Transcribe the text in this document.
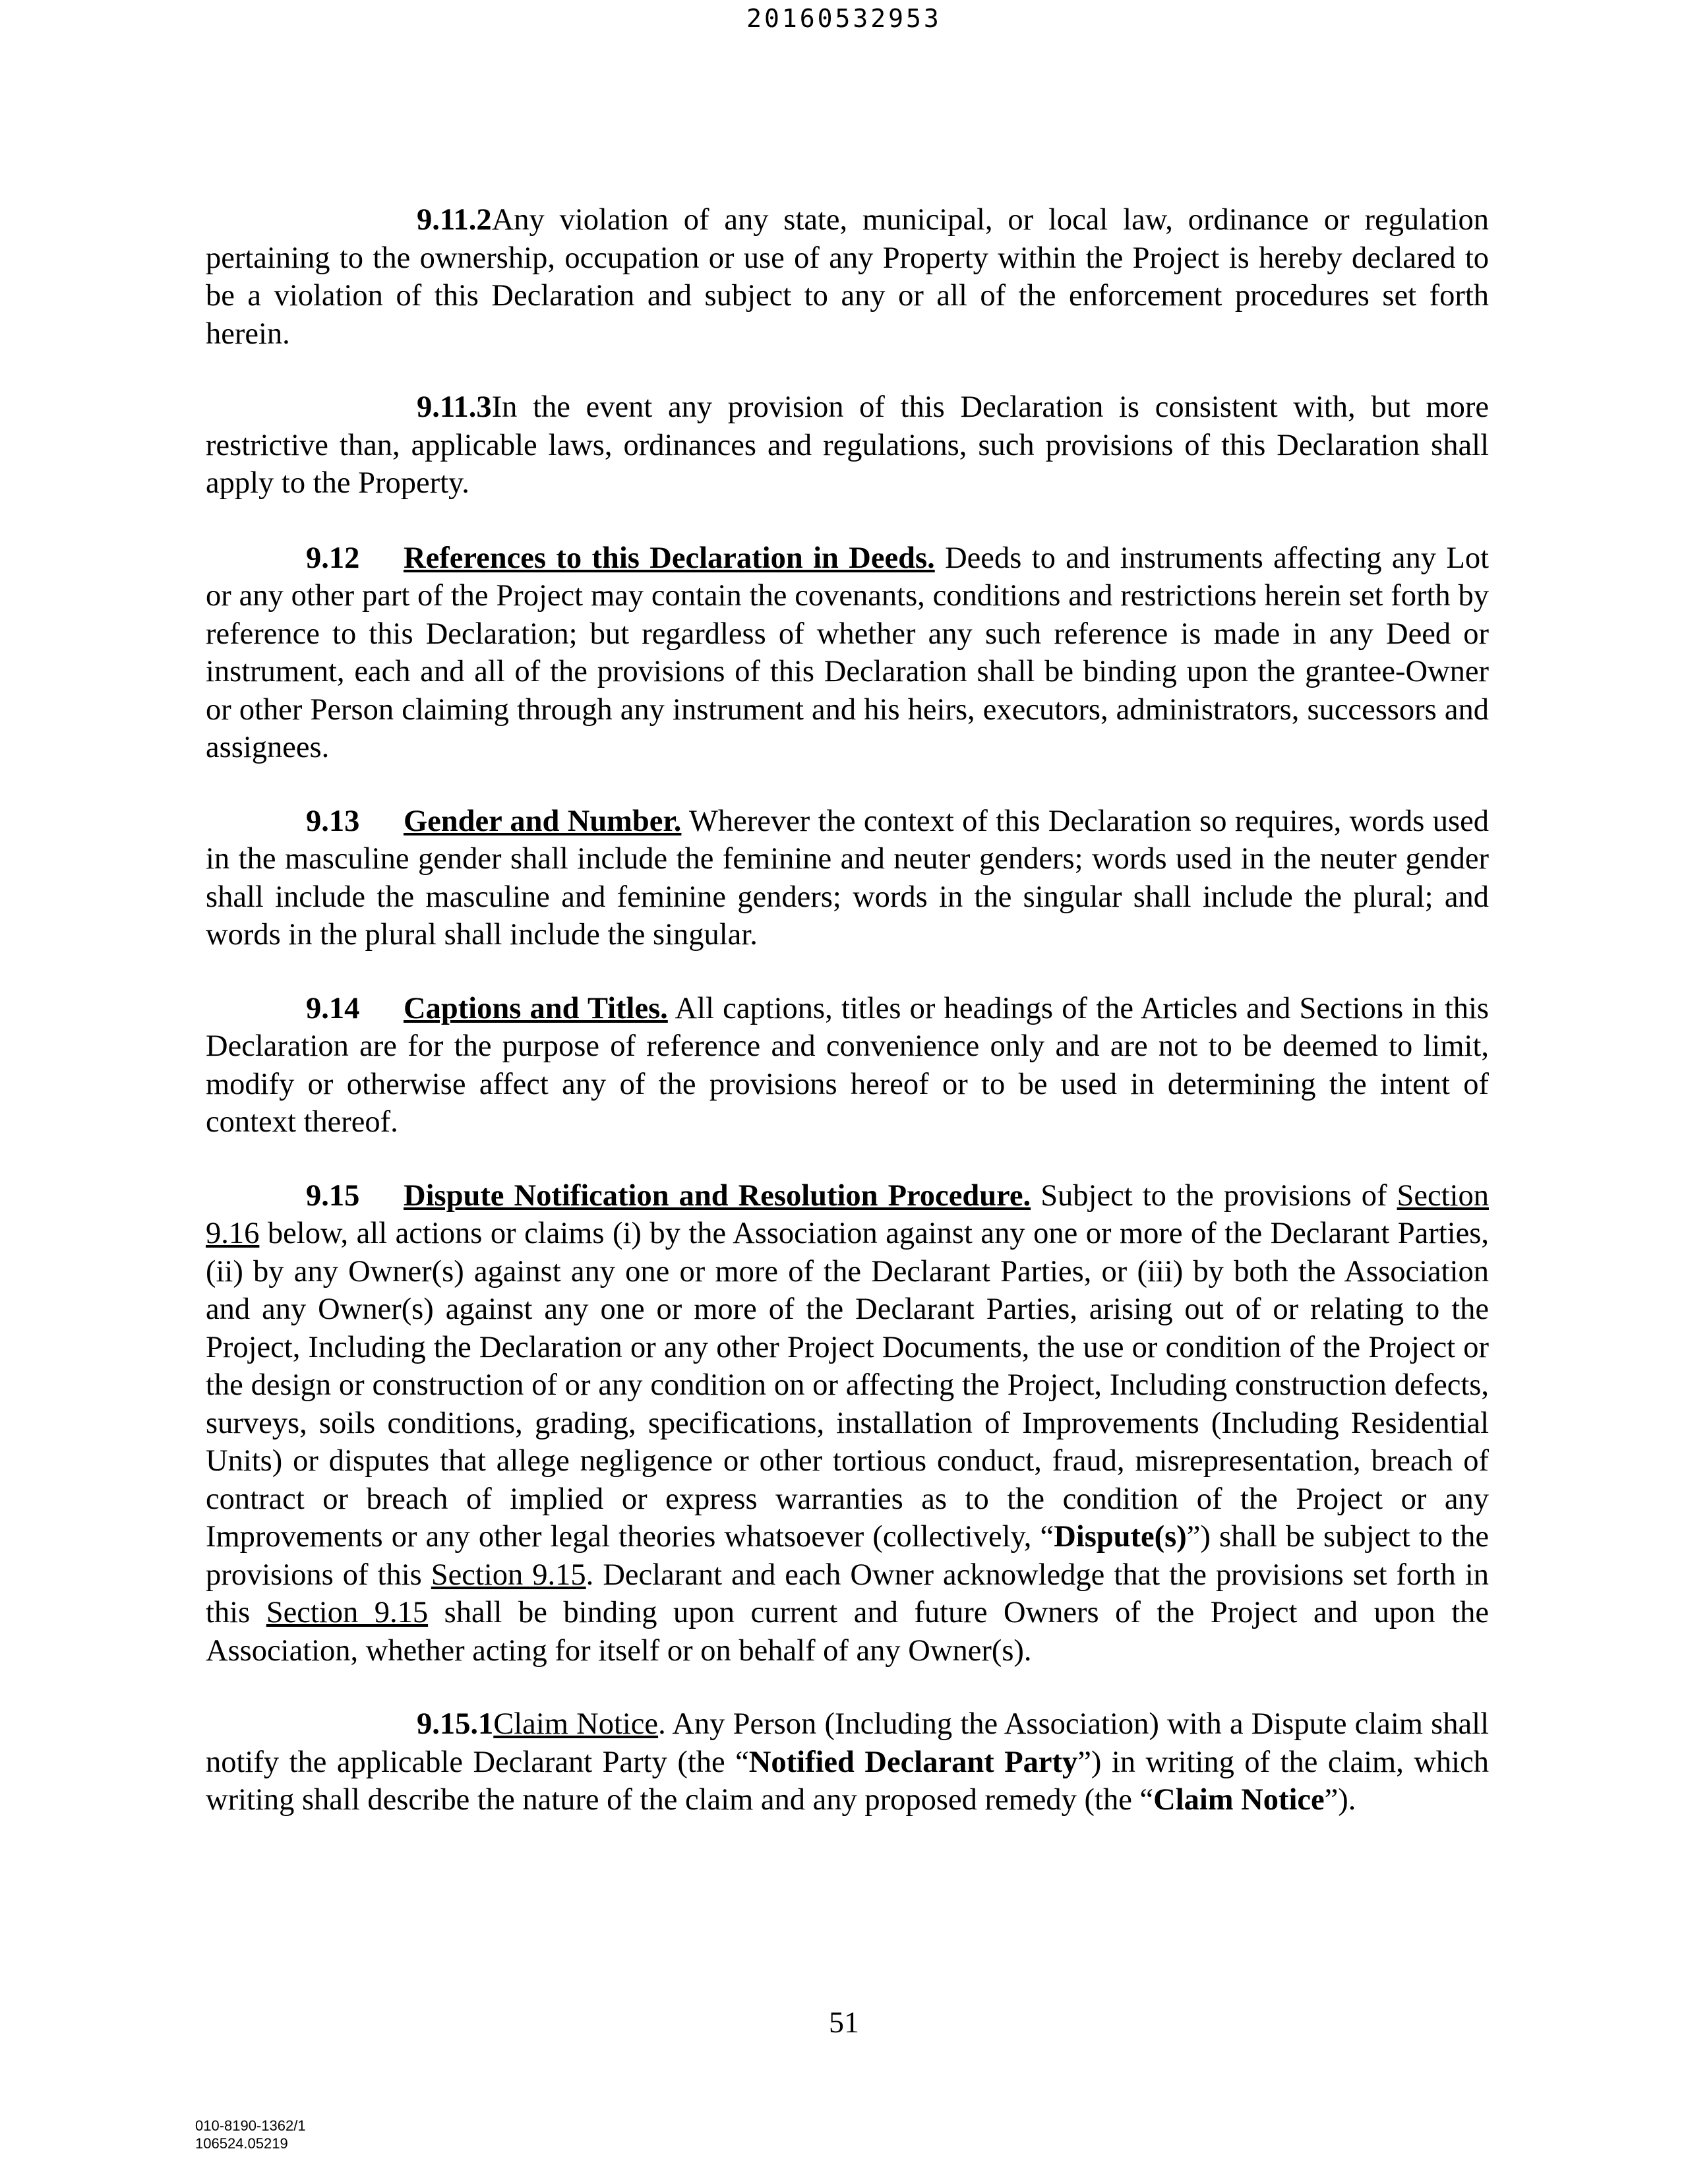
20160532953

9.11.2Any violation of any state, municipal, or local law, ordinance or regulation pertaining to the ownership, occupation or use of any Property within the Project is hereby declared to be a violation of this Declaration and subject to any or all of the enforcement procedures set forth herein.

9.11.3In the event any provision of this Declaration is consistent with, but more restrictive than, applicable laws, ordinances and regulations, such provisions of this Declaration shall apply to the Property.

9.12 References to this Declaration in Deeds. Deeds to and instruments affecting any Lot or any other part of the Project may contain the covenants, conditions and restrictions herein set forth by reference to this Declaration; but regardless of whether any such reference is made in any Deed or instrument, each and all of the provisions of this Declaration shall be binding upon the grantee-Owner or other Person claiming through any instrument and his heirs, executors, administrators, successors and assignees.

9.13 Gender and Number. Wherever the context of this Declaration so requires, words used in the masculine gender shall include the feminine and neuter genders; words used in the neuter gender shall include the masculine and feminine genders; words in the singular shall include the plural; and words in the plural shall include the singular.

9.14 Captions and Titles. All captions, titles or headings of the Articles and Sections in this Declaration are for the purpose of reference and convenience only and are not to be deemed to limit, modify or otherwise affect any of the provisions hereof or to be used in determining the intent of context thereof.

9.15 Dispute Notification and Resolution Procedure. Subject to the provisions of Section 9.16 below, all actions or claims (i) by the Association against any one or more of the Declarant Parties, (ii) by any Owner(s) against any one or more of the Declarant Parties, or (iii) by both the Association and any Owner(s) against any one or more of the Declarant Parties, arising out of or relating to the Project, Including the Declaration or any other Project Documents, the use or condition of the Project or the design or construction of or any condition on or affecting the Project, Including construction defects, surveys, soils conditions, grading, specifications, installation of Improvements (Including Residential Units) or disputes that allege negligence or other tortious conduct, fraud, misrepresentation, breach of contract or breach of implied or express warranties as to the condition of the Project or any Improvements or any other legal theories whatsoever (collectively, “Dispute(s)”) shall be subject to the provisions of this Section 9.15. Declarant and each Owner acknowledge that the provisions set forth in this Section 9.15 shall be binding upon current and future Owners of the Project and upon the Association, whether acting for itself or on behalf of any Owner(s).

9.15.1Claim Notice. Any Person (Including the Association) with a Dispute claim shall notify the applicable Declarant Party (the “Notified Declarant Party”) in writing of the claim, which writing shall describe the nature of the claim and any proposed remedy (the “Claim Notice”).

51
010-8190-1362/1
106524.05219
